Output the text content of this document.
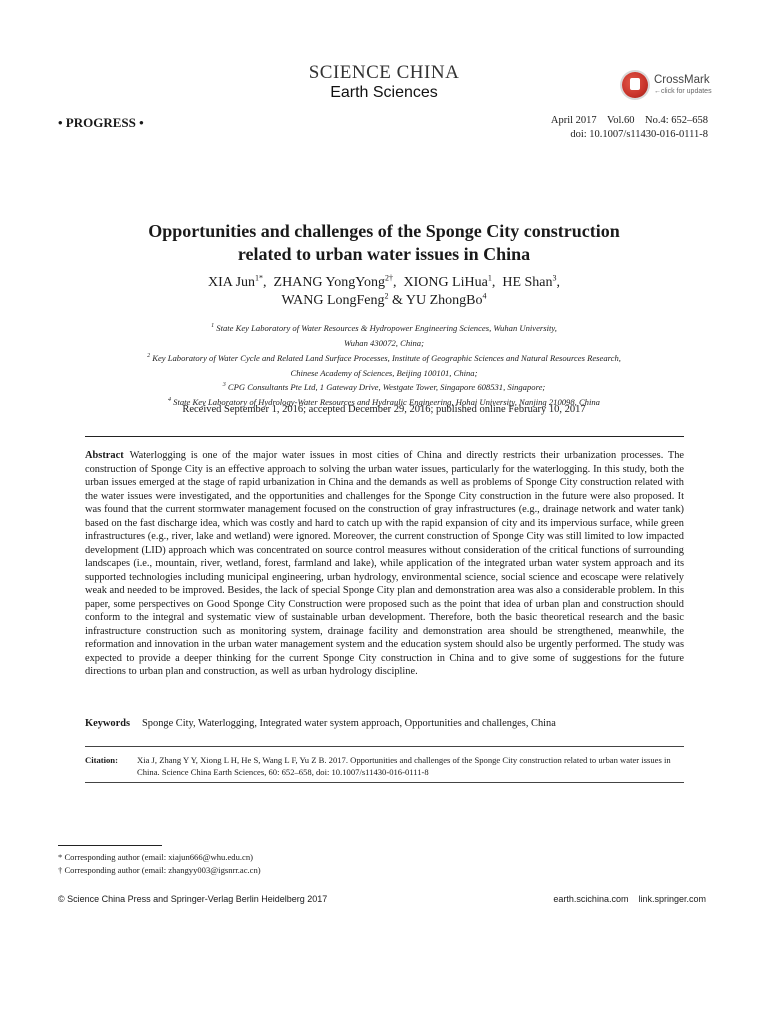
SCIENCE CHINA
Earth Sciences
CrossMark
←click for updates
• PROGRESS •	April 2017    Vol.60    No.4: 652–658
doi: 10.1007/s11430-016-0111-8
Opportunities and challenges of the Sponge City construction
related to urban water issues in China
XIA Jun$^{1*}$,  ZHANG YongYong$^{2\dagger}$,  XIONG LiHua$^1$,  HE Shan$^3$,
WANG LongFeng$^2$ & YU ZhongBo$^4$
$^1$ State Key Laboratory of Water Resources & Hydropower Engineering Sciences, Wuhan University,
Wuhan 430072, China;
$^2$ Key Laboratory of Water Cycle and Related Land Surface Processes, Institute of Geographic Sciences and Natural Resources Research,
Chinese Academy of Sciences, Beijing 100101, China;
$^3$ CPG Consultants Pte Ltd, 1 Gateway Drive, Westgate Tower, Singapore 608531, Singapore;
$^4$ State Key Laboratory of Hydrology-Water Resources and Hydraulic Engineering, Hohai University, Nanjing 210098, China
Received September 1, 2016; accepted December 29, 2016; published online February 10, 2017
Abstract Waterlogging is one of the major water issues in most cities of China and directly restricts their urbanization processes. The construction of Sponge City is an effective approach to solving the urban water issues, particularly for the waterlogging. In this study, both the urban issues emerged at the stage of rapid urbanization in China and the demands as well as problems of Sponge City construction related with the water issues were investigated, and the opportunities and challenges for the Sponge City construction in the future were also proposed. It was found that the current stormwater management focused on the construction of gray infrastructures (e.g., drainage network and water tank) based on the fast discharge idea, which was costly and hard to catch up with the rapid expansion of city and its impervious surface, while green infrastructures (e.g., river, lake and wetland) were ignored. Moreover, the current construction of Sponge City was still limited to low impacted development (LID) approach which was concentrated on source control measures without consideration of the critical functions of surrounding landscapes (i.e., mountain, river, wetland, forest, farmland and lake), while application of the integrated urban water system approach and its supported technologies including municipal engineering, urban hydrology, environmental science, social science and ecoscape were relatively weak and needed to be improved. Besides, the lack of special Sponge City plan and demonstration area was also a considerable problem. In this paper, some perspectives on Good Sponge City Construction were proposed such as the point that idea of urban plan and construction should conform to the integral and systematic view of sustainable urban development. Therefore, both the basic theoretical research and the basic infrastructure construction such as monitoring system, drainage facility and demonstration area should be strengthened, meanwhile, the reformation and innovation in the urban water management system and the education system should also be urgently performed. The study was expected to provide a deeper thinking for the current Sponge City construction in China and to give some of suggestions for the future directions to urban plan and construction, as well as urban hydrology discipline.
Keywords Sponge City, Waterlogging, Integrated water system approach, Opportunities and challenges, China
Citation: Xia J, Zhang Y Y, Xiong L H, He S, Wang L F, Yu Z B. 2017. Opportunities and challenges of the Sponge City construction related to urban water issues in China. Science China Earth Sciences, 60: 652–658, doi: 10.1007/s11430-016-0111-8
* Corresponding author (email: xiajun666@whu.edu.cn)
† Corresponding author (email: zhangyy003@igsnrr.ac.cn)
© Science China Press and Springer-Verlag Berlin Heidelberg 2017	earth.scichina.com link.springer.com
